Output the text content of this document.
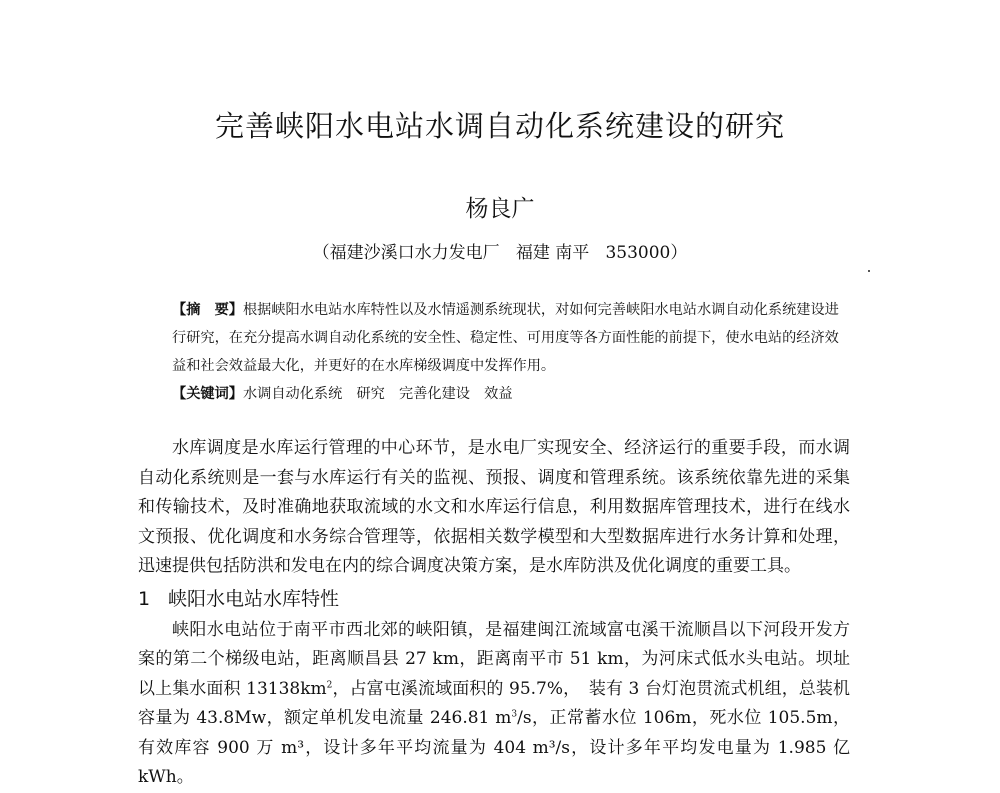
完善峡阳水电站水调自动化系统建设的研究
杨良广
（福建沙溪口水力发电厂   福建 南平   353000）

【摘　要】根据峡阳水电站水库特性以及水情遥测系统现状，对如何完善峡阳水电站水调自动化系统建设进行研究，在充分提高水调自动化系统的安全性、稳定性、可用度等各方面性能的前提下，使水电站的经济效益和社会效益最大化，并更好的在水库梯级调度中发挥作用。

【关键词】水调自动化系统　研究　完善化建设　效益

水库调度是水库运行管理的中心环节，是水电厂实现安全、经济运行的重要手段，而水调自动化系统则是一套与水库运行有关的监视、预报、调度和管理系统。该系统依靠先进的采集和传输技术，及时准确地获取流域的水文和水库运行信息，利用数据库管理技术，进行在线水文预报、优化调度和水务综合管理等，依据相关数学模型和大型数据库进行水务计算和处理，迅速提供包括防洪和发电在内的综合调度决策方案，是水库防洪及优化调度的重要工具。

1 峡阳水电站水库特性

峡阳水电站位于南平市西北郊的峡阳镇，是福建闽江流域富屯溪干流顺昌以下河段开发方案的第二个梯级电站，距离顺昌县 27 km，距离南平市 51 km，为河床式低水头电站。坝址以上集水面积 $13138km^2$，占富屯溪流域面积的 95.7%，　装有 3 台灯泡贯流式机组，总装机容量为 43.8Mw，额定单机发电流量 246.81 $m^3/s$，正常蓄水位 106m，死水位 105.5m，有效库容 900 万 m³，设计多年平均流量为 404 m³/s，设计多年平均发电量为 1.985 亿 kWh。
